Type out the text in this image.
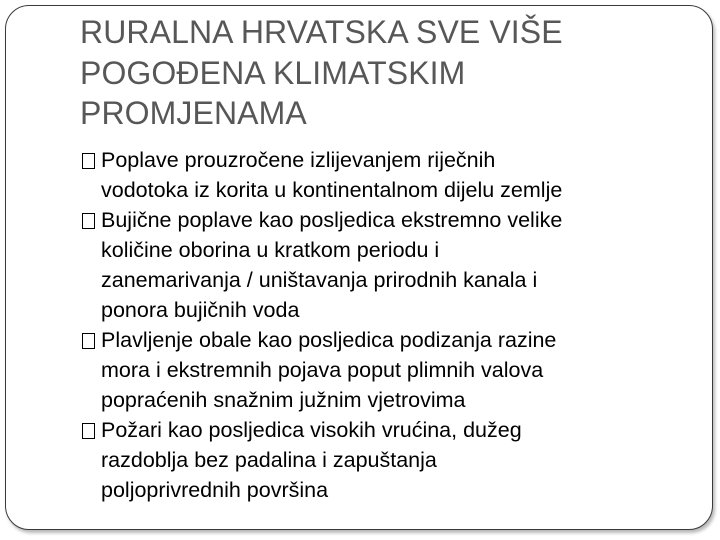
RURALNA HRVATSKA SVE VIŠE
POGOĐENA KLIMATSKIM
PROMJENAMA
Poplave prouzročene izlijevanjem riječnih
vodotoka iz korita u kontinentalnom dijelu zemlje
Bujične poplave kao posljedica ekstremno velike
količine oborina u kratkom periodu i
zanemarivanja / uništavanja prirodnih kanala i
ponora bujičnih voda
Plavljenje obale kao posljedica podizanja razine
mora i ekstremnih pojava poput plimnih valova
popraćenih snažnim južnim vjetrovima
Požari kao posljedica visokih vrućina, dužeg
razdoblja bez padalina i zapuštanja
poljoprivrednih površina
